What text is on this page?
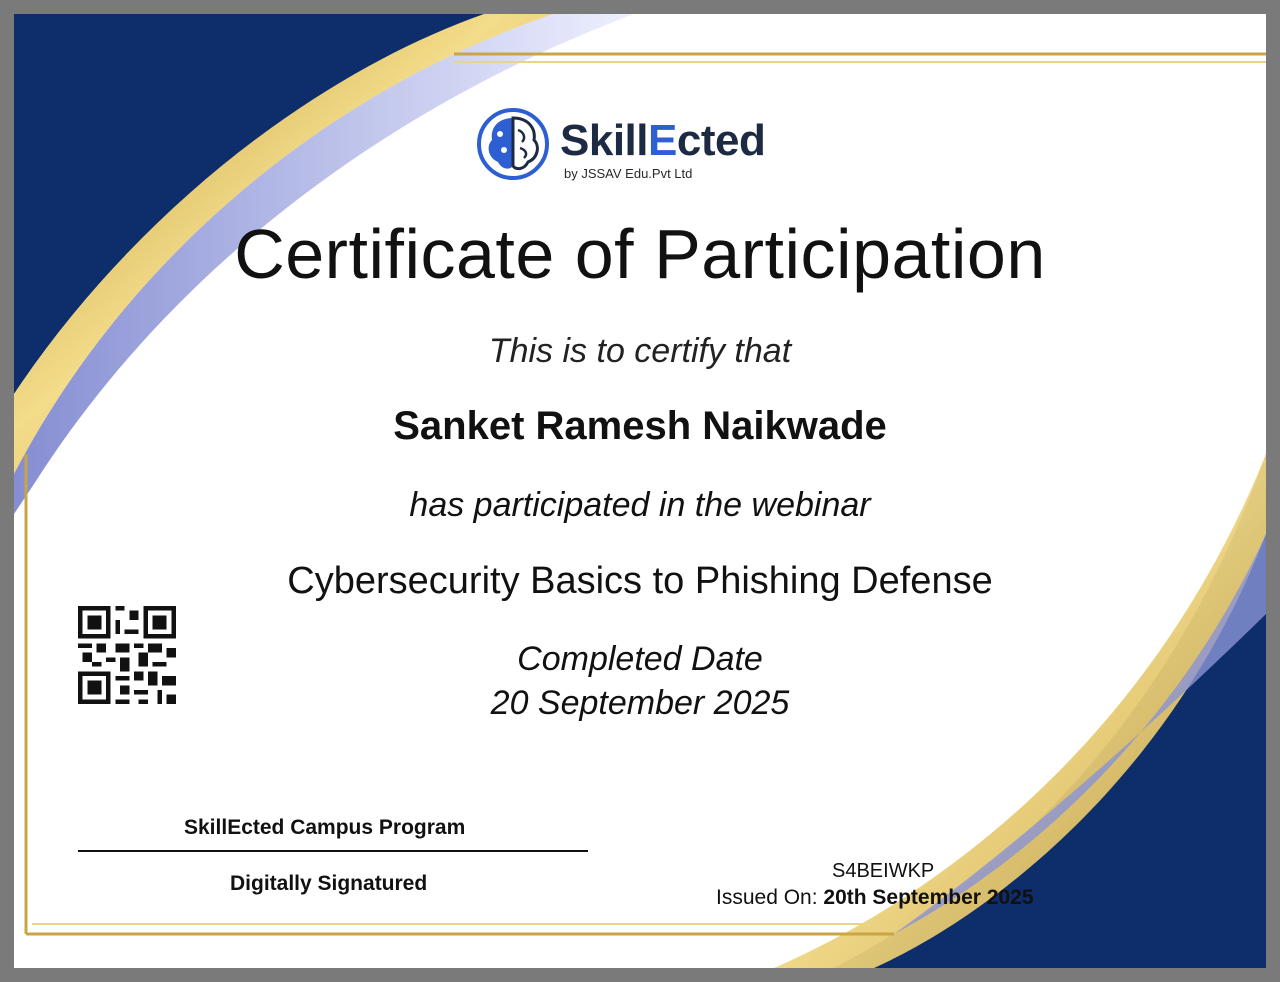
SkillEcted
by JSSAV Edu.Pvt Ltd
Certificate of Participation
This is to certify that
Sanket Ramesh Naikwade
has participated in the webinar
Cybersecurity Basics to Phishing Defense
Completed Date
20 September 2025
SkillEcted Campus Program
Digitally Signatured
S4BEIWKP
Issued On: 20th September 2025
